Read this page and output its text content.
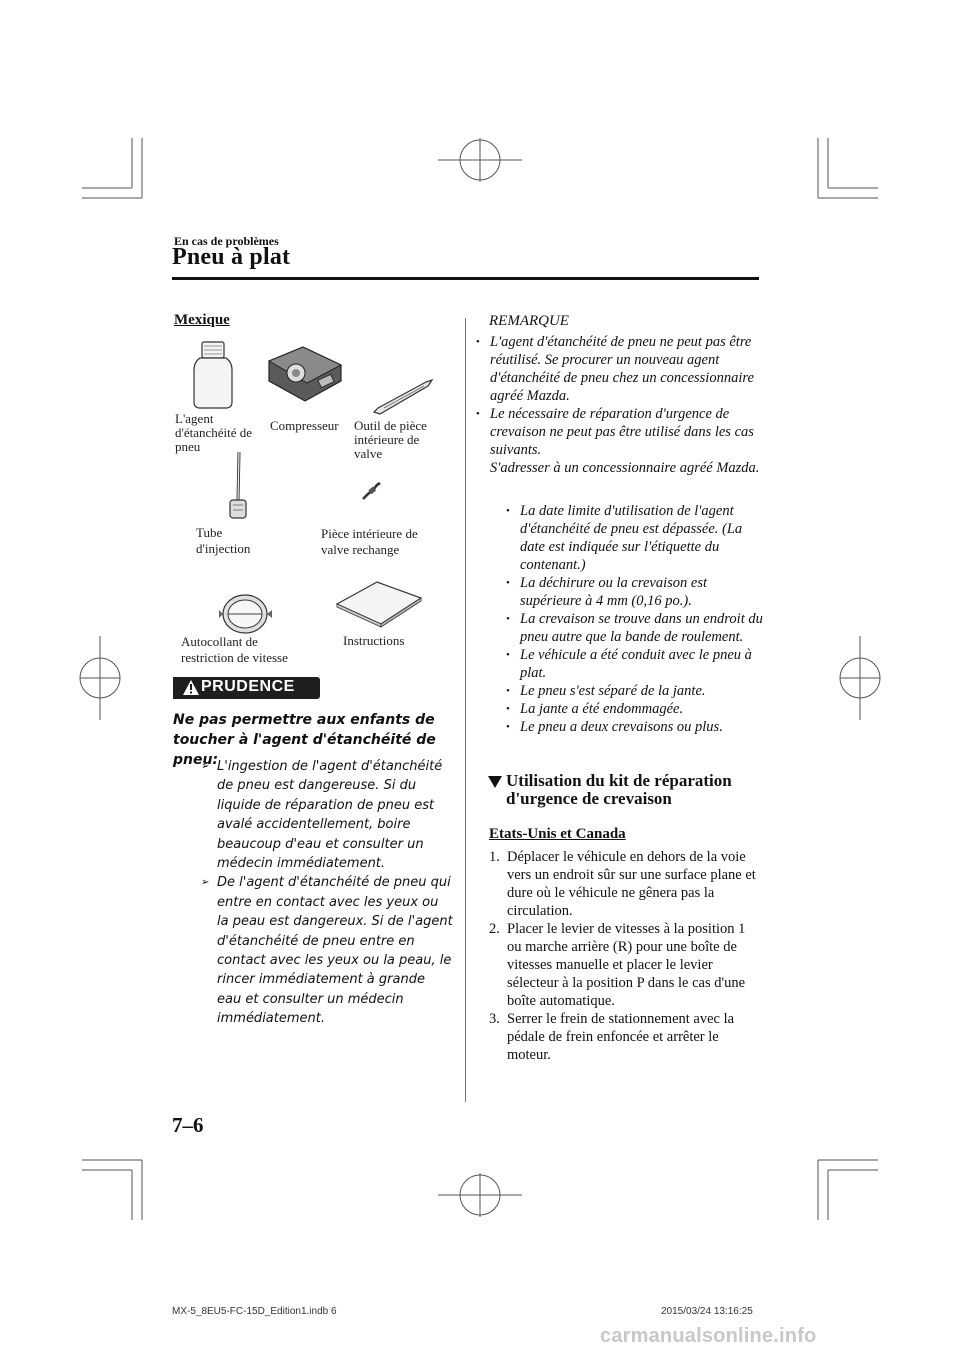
En cas de problèmes
Pneu à plat
Mexique
L'agent d'étanchéité de pneu
Compresseur	Outil de pièce intérieure de valve
Tube d'injection
Pièce intérieure de valve rechange
Autocollant de restriction de vitesse
Instructions
PRUDENCE
Ne pas permettre aux enfants de toucher à l'agent d'étanchéité de pneu:
➢ L'ingestion de l'agent d'étanchéité de pneu est dangereuse. Si du liquide de réparation de pneu est avalé accidentellement, boire beaucoup d'eau et consulter un médecin immédiatement.
➢ De l'agent d'étanchéité de pneu qui entre en contact avec les yeux ou la peau est dangereux. Si de l'agent d'étanchéité de pneu entre en contact avec les yeux ou la peau, le rincer immédiatement à grande eau et consulter un médecin immédiatement.
REMARQUE
• L'agent d'étanchéité de pneu ne peut pas être réutilisé. Se procurer un nouveau agent d'étanchéité de pneu chez un concessionnaire agréé Mazda.
• Le nécessaire de réparation d'urgence de crevaison ne peut pas être utilisé dans les cas suivants.
S'adresser à un concessionnaire agréé Mazda.
• La date limite d'utilisation de l'agent d'étanchéité de pneu est dépassée. (La date est indiquée sur l'étiquette du contenant.)
• La déchirure ou la crevaison est supérieure à 4 mm (0,16 po.).
• La crevaison se trouve dans un endroit du pneu autre que la bande de roulement.
• Le véhicule a été conduit avec le pneu à plat.
• Le pneu s'est séparé de la jante.
• La jante a été endommagée.
• Le pneu a deux crevaisons ou plus.
Utilisation du kit de réparation d'urgence de crevaison
Etats-Unis et Canada
1. Déplacer le véhicule en dehors de la voie vers un endroit sûr sur une surface plane et dure où le véhicule ne gênera pas la circulation.
2. Placer le levier de vitesses à la position 1 ou marche arrière (R) pour une boîte de vitesses manuelle et placer le levier sélecteur à la position P dans le cas d'une boîte automatique.
3. Serrer le frein de stationnement avec la pédale de frein enfoncée et arrêter le moteur.
7–6
MX-5_8EU5-FC-15D_Edition1.indb 6	2015/03/24 13:16:25
carmanualsonline.info
